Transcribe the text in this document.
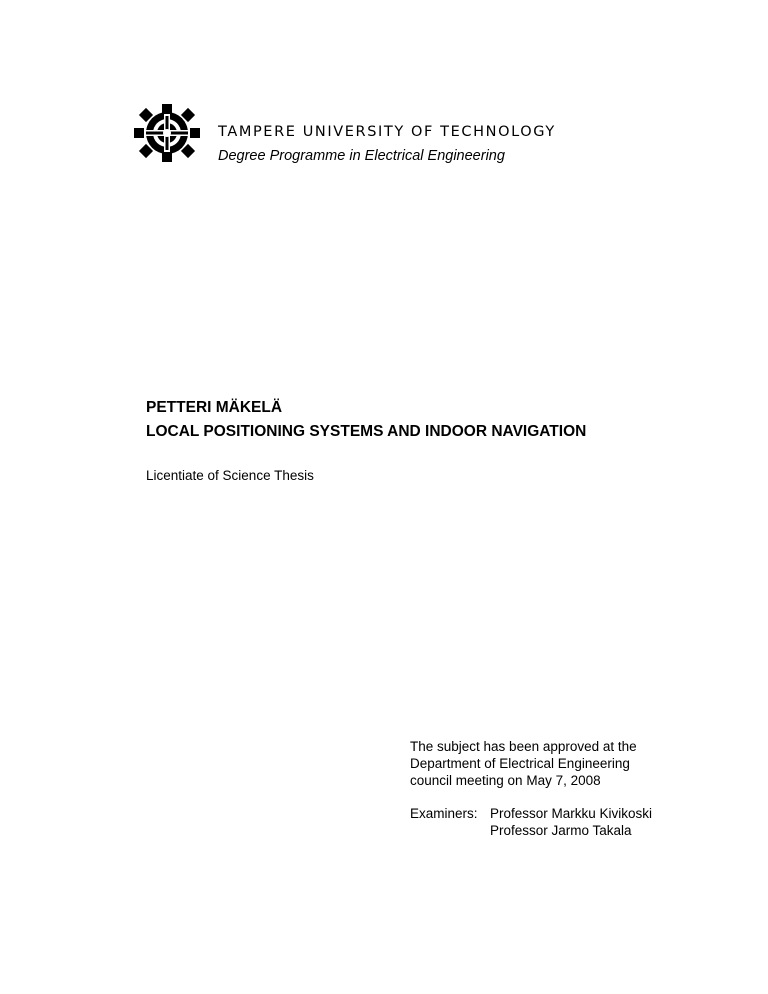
TAMPERE UNIVERSITY OF TECHNOLOGY
Degree Programme in Electrical Engineering
PETTERI MÄKELÄ
LOCAL POSITIONING SYSTEMS AND INDOOR NAVIGATION
Licentiate of Science Thesis
The subject has been approved at the
Department of Electrical Engineering
council meeting on May 7, 2008
Examiners: Professor Markku Kivikoski
Professor Jarmo Takala
